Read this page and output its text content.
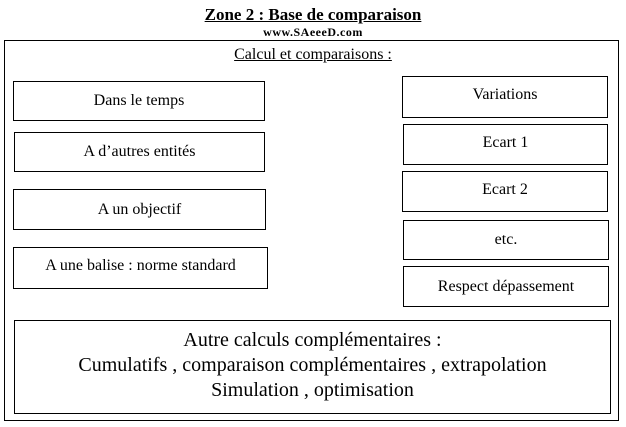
Zone 2 : Base de comparaison
www.SAeeeD.com
Calcul et comparaisons :
Dans le temps
A d’autres entités
A un objectif
A une balise : norme standard
Variations
Ecart 1
Ecart 2
etc.
Respect dépassement
Autre calculs complémentaires :
Cumulatifs , comparaison complémentaires , extrapolation
Simulation , optimisation
